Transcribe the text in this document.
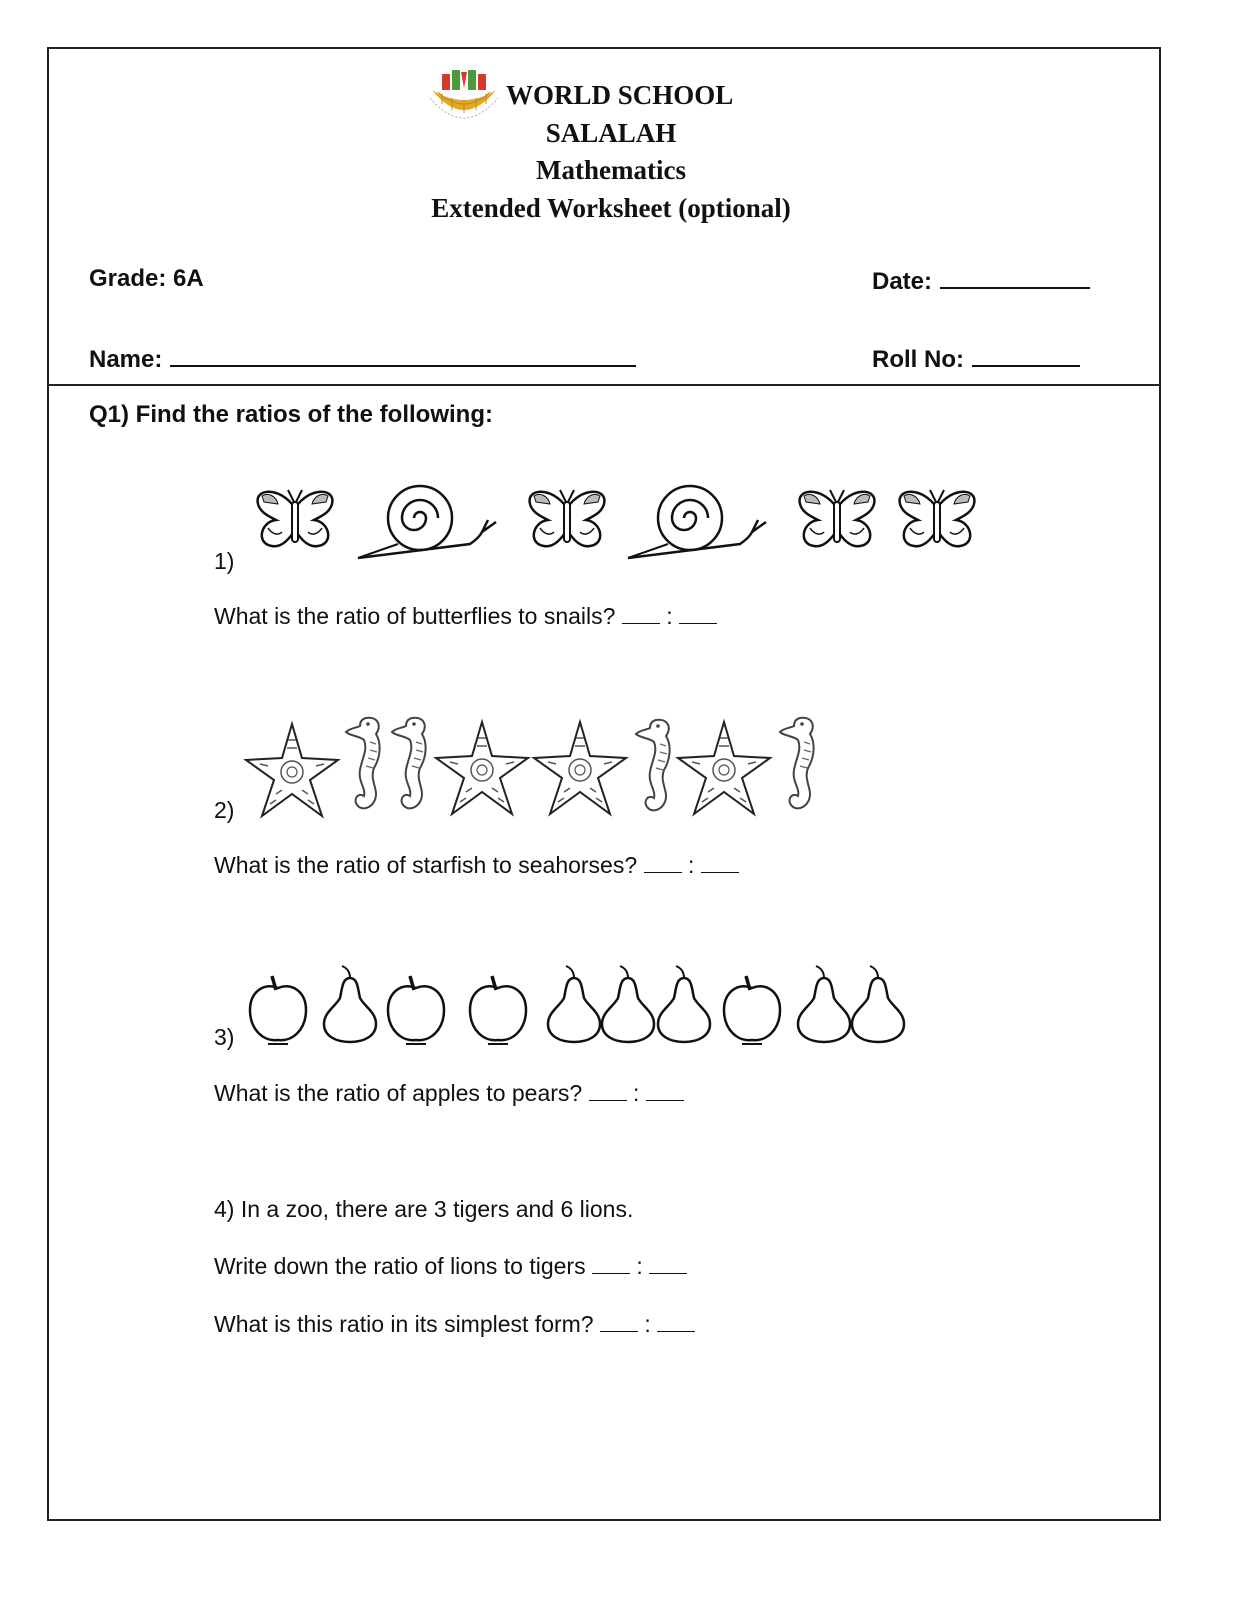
WORLD SCHOOL
SALALAH
Mathematics
Extended Worksheet (optional)
Grade: 6A	Date:
Name:	Roll No:
Q1) Find the ratios of the following:
1)
What is the ratio of butterflies to snails? :
2)
What is the ratio of starfish to seahorses? :
3)
What is the ratio of apples to pears? :
4) In a zoo, there are 3 tigers and 6 lions.
Write down the ratio of lions to tigers :
What is this ratio in its simplest form? :
